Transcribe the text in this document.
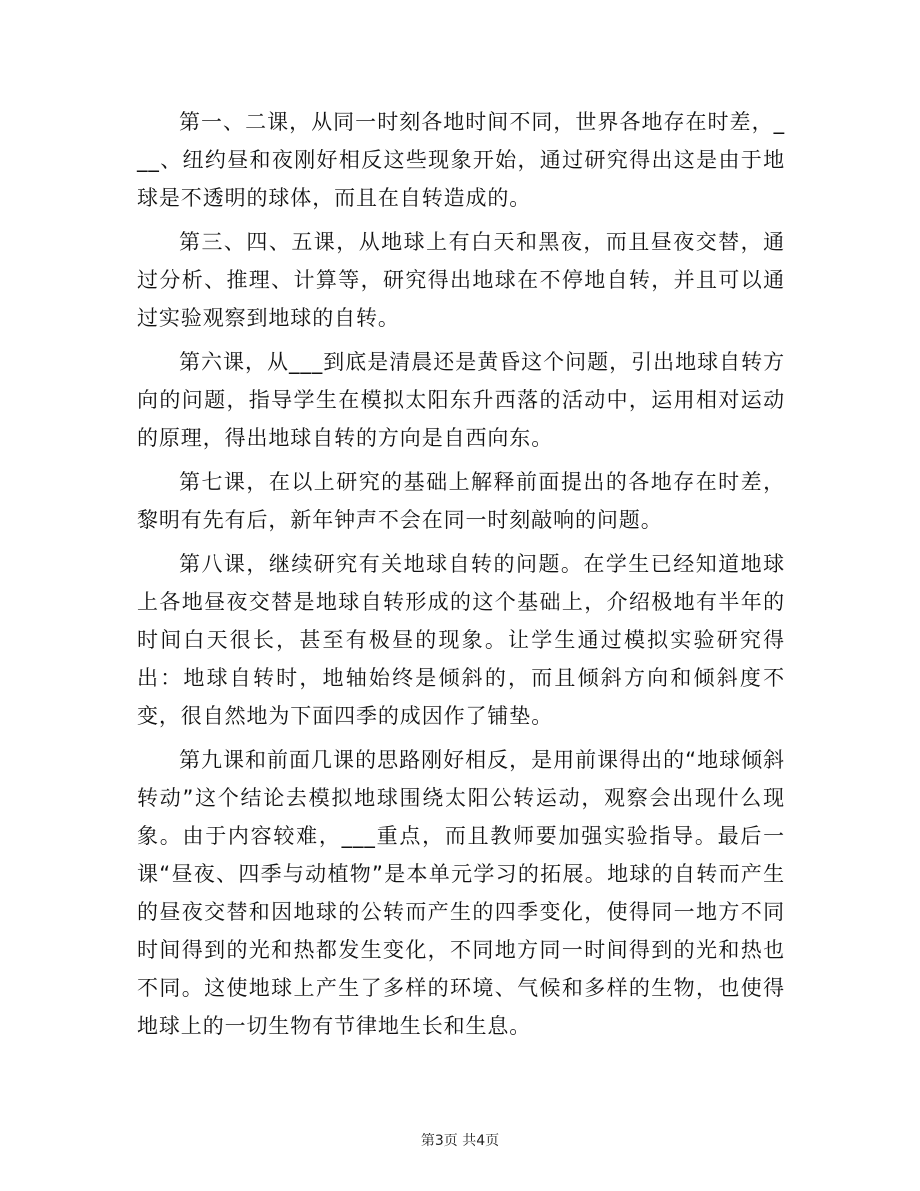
第一、二课，从同一时刻各地时间不同，世界各地存在时差，___、纽约昼和夜刚好相反这些现象开始，通过研究得出这是由于地球是不透明的球体，而且在自转造成的。

第三、四、五课，从地球上有白天和黑夜，而且昼夜交替，通过分析、推理、计算等，研究得出地球在不停地自转，并且可以通过实验观察到地球的自转。

第六课，从___到底是清晨还是黄昏这个问题，引出地球自转方向的问题，指导学生在模拟太阳东升西落的活动中，运用相对运动的原理，得出地球自转的方向是自西向东。

第七课，在以上研究的基础上解释前面提出的各地存在时差，黎明有先有后，新年钟声不会在同一时刻敲响的问题。

第八课，继续研究有关地球自转的问题。在学生已经知道地球上各地昼夜交替是地球自转形成的这个基础上，介绍极地有半年的时间白天很长，甚至有极昼的现象。让学生通过模拟实验研究得出：地球自转时，地轴始终是倾斜的，而且倾斜方向和倾斜度不变，很自然地为下面四季的成因作了铺垫。

第九课和前面几课的思路刚好相反，是用前课得出的“地球倾斜转动”这个结论去模拟地球围绕太阳公转运动，观察会出现什么现象。由于内容较难，___重点，而且教师要加强实验指导。最后一课“昼夜、四季与动植物”是本单元学习的拓展。地球的自转而产生的昼夜交替和因地球的公转而产生的四季变化，使得同一地方不同时间得到的光和热都发生变化，不同地方同一时间得到的光和热也不同。这使地球上产生了多样的环境、气候和多样的生物，也使得地球上的一切生物有节律地生长和生息。

第3页 共4页
